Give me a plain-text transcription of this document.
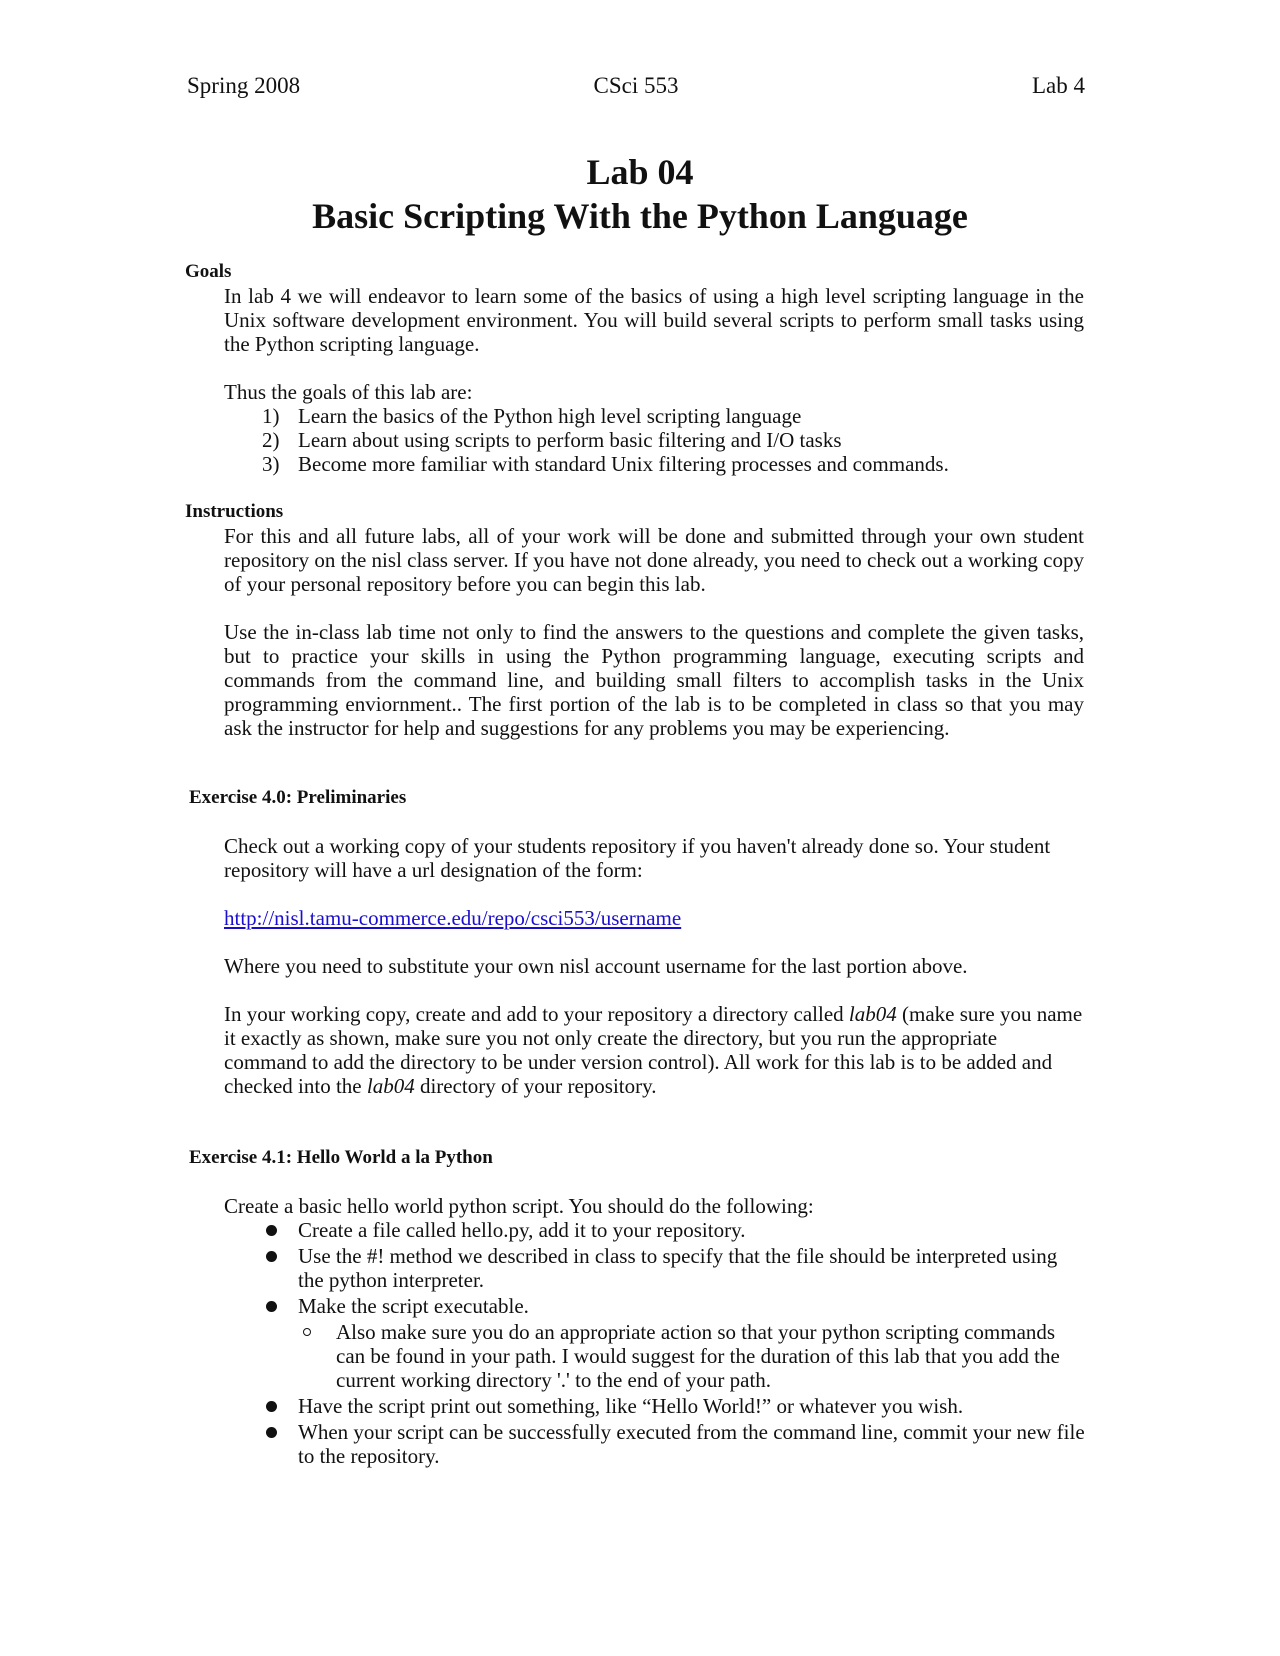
Spring 2008	CSci 553	Lab 4
Lab 04
Basic Scripting With the Python Language
Goals
In lab 4 we will endeavor to learn some of the basics of using a high level scripting language in the Unix software development environment. You will build several scripts to perform small tasks using the Python scripting language.
Thus the goals of this lab are:
1) Learn the basics of the Python high level scripting language
2) Learn about using scripts to perform basic filtering and I/O tasks
3) Become more familiar with standard Unix filtering processes and commands.
Instructions
For this and all future labs, all of your work will be done and submitted through your own student repository on the nisl class server. If you have not done already, you need to check out a working copy of your personal repository before you can begin this lab.
Use the in-class lab time not only to find the answers to the questions and complete the given tasks, but to practice your skills in using the Python programming language, executing scripts and commands from the command line, and building small filters to accomplish tasks in the Unix programming enviornment.. The first portion of the lab is to be completed in class so that you may ask the instructor for help and suggestions for any problems you may be experiencing.
Exercise 4.0: Preliminaries
Check out a working copy of your students repository if you haven't already done so. Your student repository will have a url designation of the form:
http://nisl.tamu-commerce.edu/repo/csci553/username
Where you need to substitute your own nisl account username for the last portion above.
In your working copy, create and add to your repository a directory called lab04 (make sure you name it exactly as shown, make sure you not only create the directory, but you run the appropriate command to add the directory to be under version control). All work for this lab is to be added and checked into the lab04 directory of your repository.
Exercise 4.1: Hello World a la Python
Create a basic hello world python script. You should do the following:
Create a file called hello.py, add it to your repository.
Use the #! method we described in class to specify that the file should be interpreted using the python interpreter.
Make the script executable.
Also make sure you do an appropriate action so that your python scripting commands can be found in your path. I would suggest for the duration of this lab that you add the current working directory '.' to the end of your path.
Have the script print out something, like “Hello World!” or whatever you wish.
When your script can be successfully executed from the command line, commit your new file to the repository.
